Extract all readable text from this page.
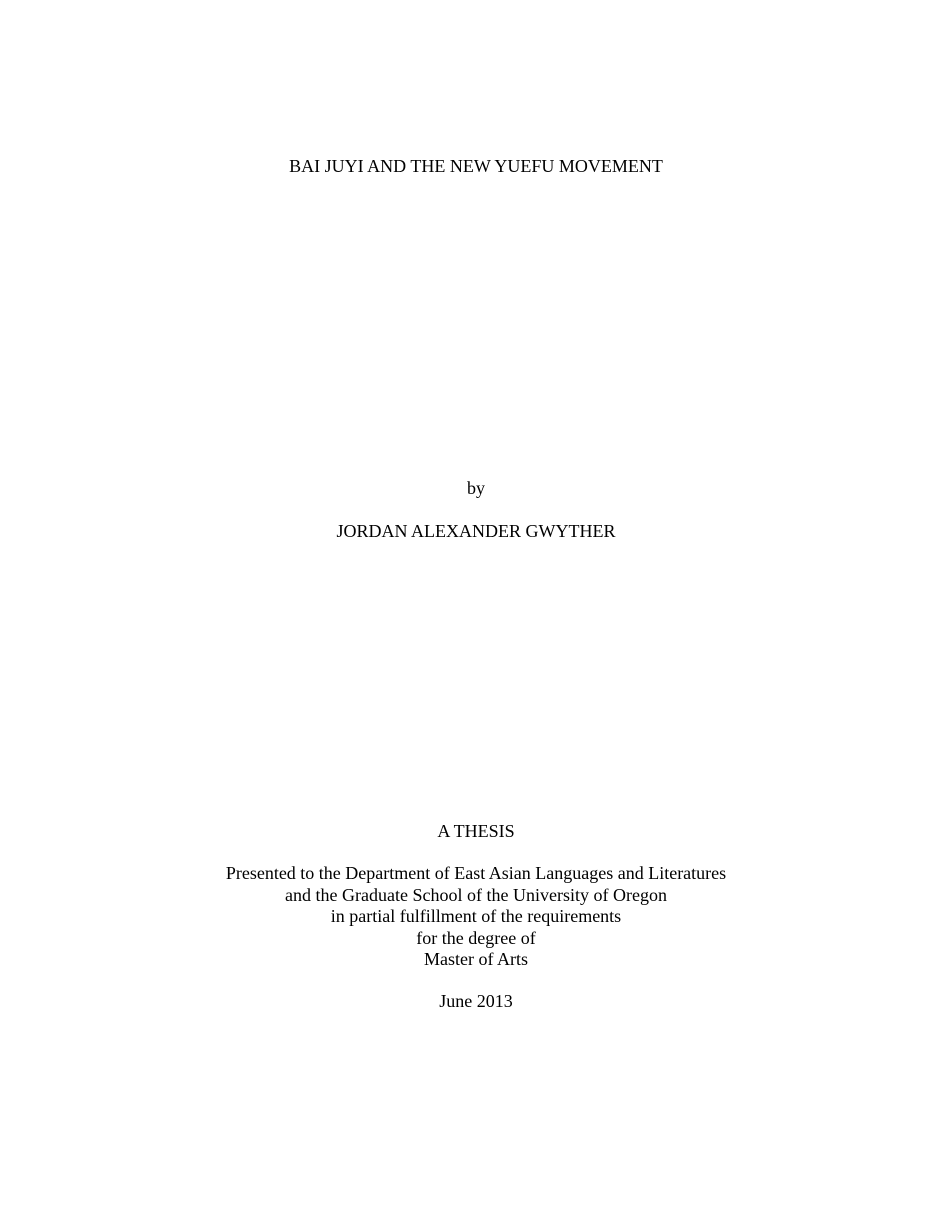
BAI JUYI AND THE NEW YUEFU MOVEMENT
by
JORDAN ALEXANDER GWYTHER
A THESIS
Presented to the Department of East Asian Languages and Literatures
and the Graduate School of the University of Oregon
in partial fulfillment of the requirements
for the degree of
Master of Arts
June 2013
